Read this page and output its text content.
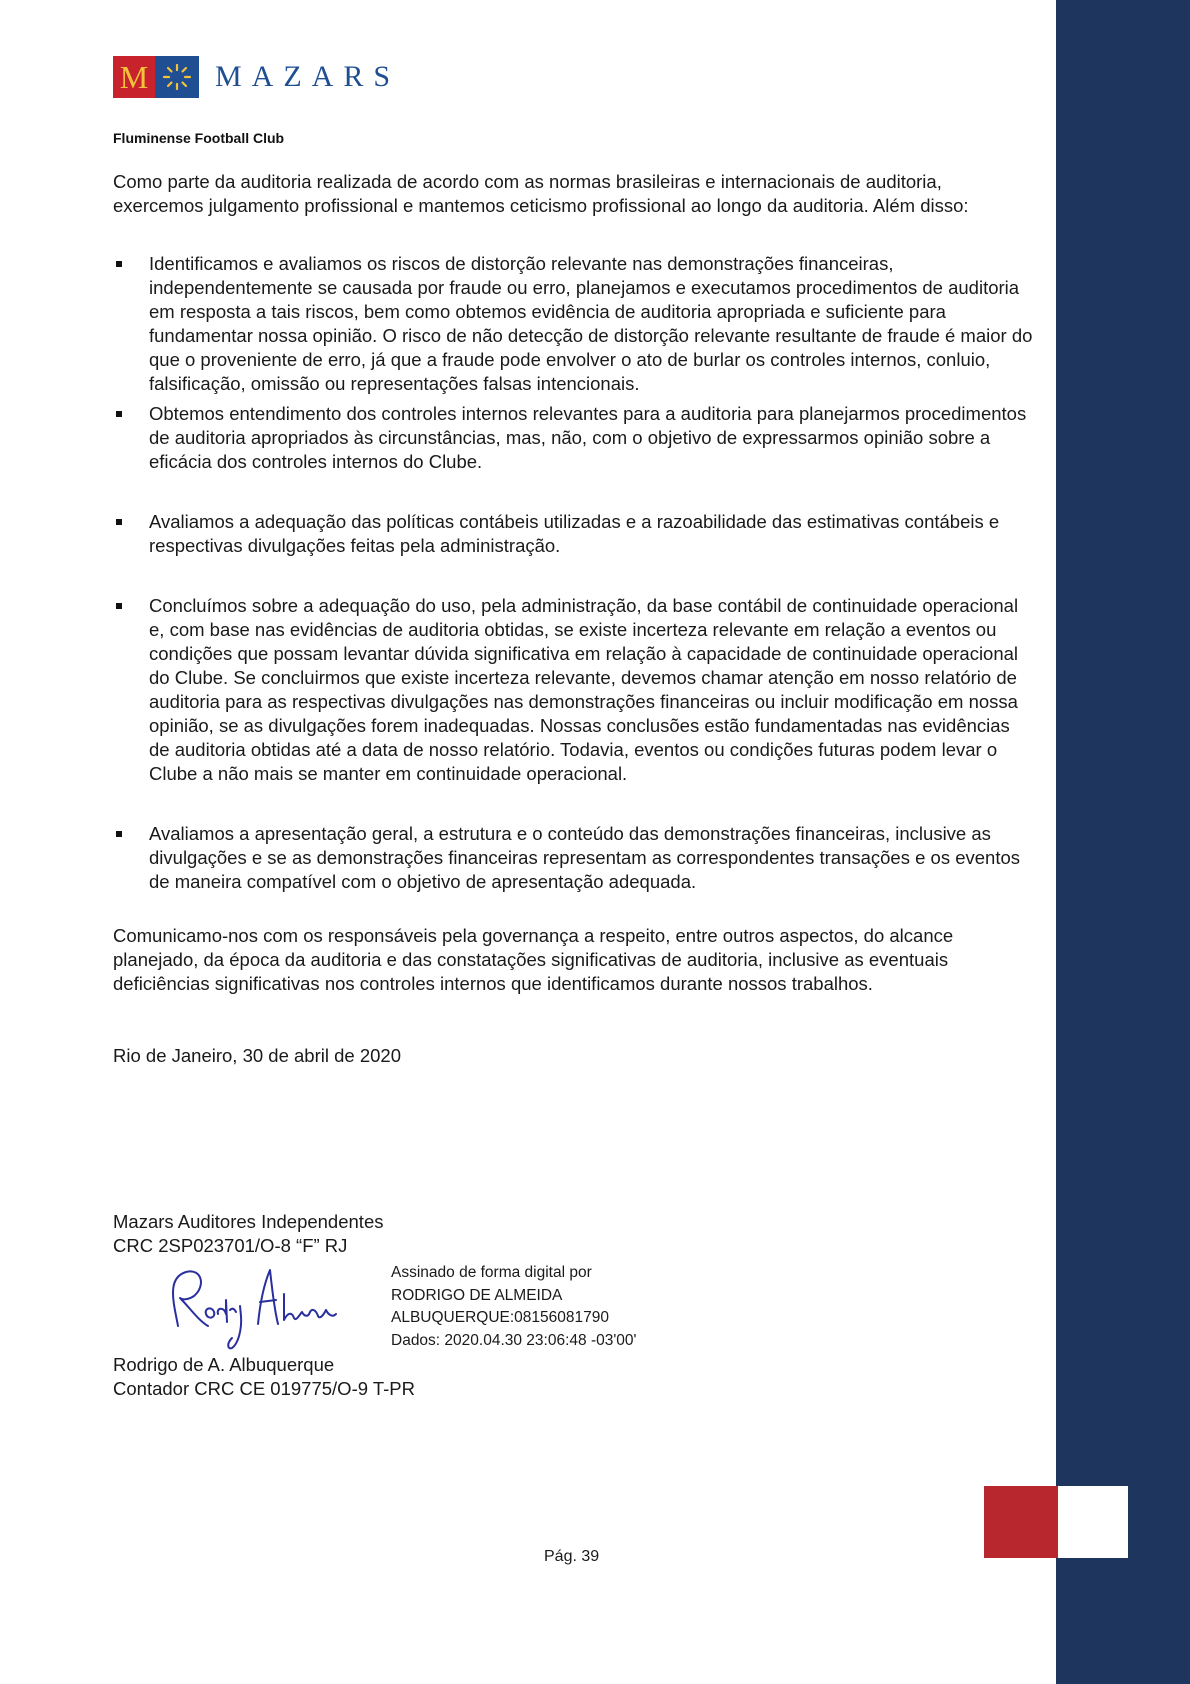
M MAZARS
Fluminense Football Club

Como parte da auditoria realizada de acordo com as normas brasileiras e internacionais de auditoria, exercemos julgamento profissional e mantemos ceticismo profissional ao longo da auditoria. Além disso:

Identificamos e avaliamos os riscos de distorção relevante nas demonstrações financeiras, independentemente se causada por fraude ou erro, planejamos e executamos procedimentos de auditoria em resposta a tais riscos, bem como obtemos evidência de auditoria apropriada e suficiente para fundamentar nossa opinião. O risco de não detecção de distorção relevante resultante de fraude é maior do que o proveniente de erro, já que a fraude pode envolver o ato de burlar os controles internos, conluio, falsificação, omissão ou representações falsas intencionais.
Obtemos entendimento dos controles internos relevantes para a auditoria para planejarmos procedimentos de auditoria apropriados às circunstâncias, mas, não, com o objetivo de expressarmos opinião sobre a eficácia dos controles internos do Clube.
Avaliamos a adequação das políticas contábeis utilizadas e a razoabilidade das estimativas contábeis e respectivas divulgações feitas pela administração.
Concluímos sobre a adequação do uso, pela administração, da base contábil de continuidade operacional e, com base nas evidências de auditoria obtidas, se existe incerteza relevante em relação a eventos ou condições que possam levantar dúvida significativa em relação à capacidade de continuidade operacional do Clube. Se concluirmos que existe incerteza relevante, devemos chamar atenção em nosso relatório de auditoria para as respectivas divulgações nas demonstrações financeiras ou incluir modificação em nossa opinião, se as divulgações forem inadequadas. Nossas conclusões estão fundamentadas nas evidências de auditoria obtidas até a data de nosso relatório. Todavia, eventos ou condições futuras podem levar o Clube a não mais se manter em continuidade operacional.
Avaliamos a apresentação geral, a estrutura e o conteúdo das demonstrações financeiras, inclusive as divulgações e se as demonstrações financeiras representam as correspondentes transações e os eventos de maneira compatível com o objetivo de apresentação adequada.

Comunicamo-nos com os responsáveis pela governança a respeito, entre outros aspectos, do alcance planejado, da época da auditoria e das constatações significativas de auditoria, inclusive as eventuais deficiências significativas nos controles internos que identificamos durante nossos trabalhos.

Rio de Janeiro, 30 de abril de 2020

Mazars Auditores Independentes
CRC 2SP023701/O-8 “F” RJ
Assinado de forma digital por
RODRIGO DE ALMEIDA
ALBUQUERQUE:08156081790
Dados: 2020.04.30 23:06:48 -03'00'
Rodrigo de A. Albuquerque
Contador CRC CE 019775/O-9 T-PR
Pág. 39
